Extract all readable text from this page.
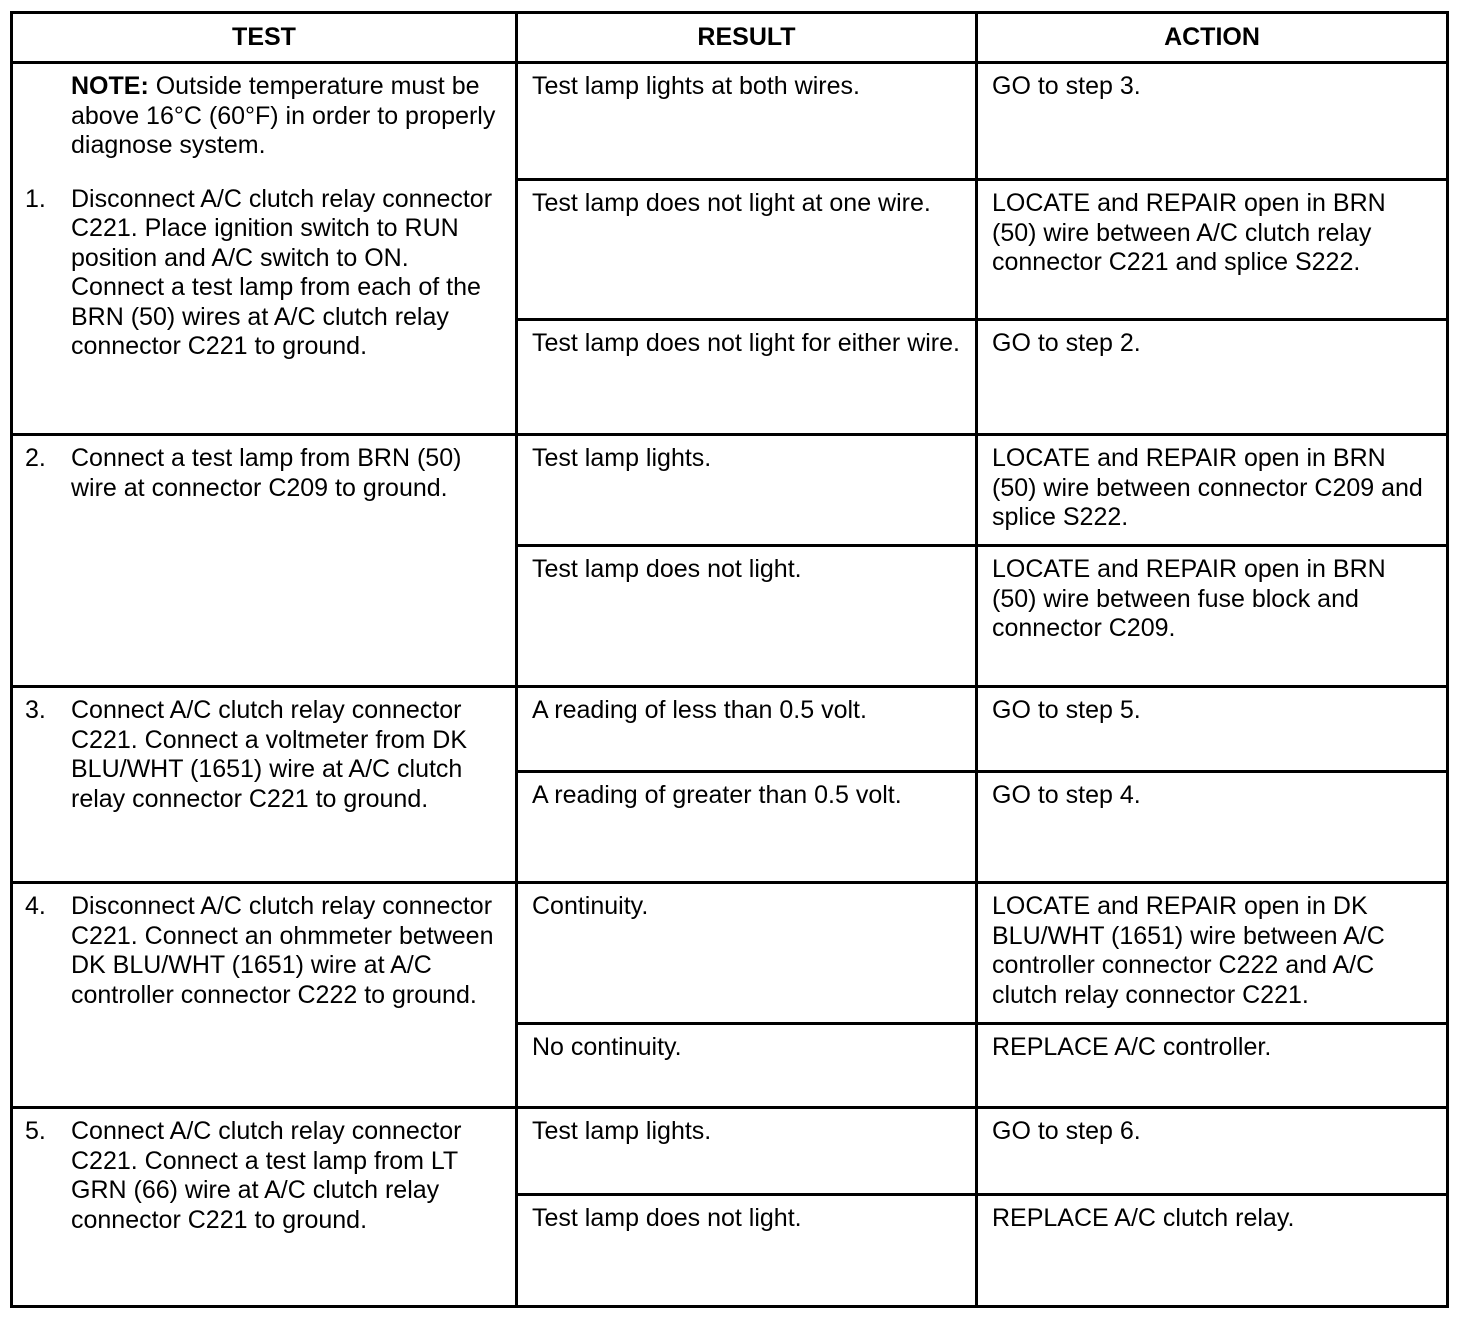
TEST	RESULT	ACTION

NOTE: Outside temperature must be above 16°C (60°F) in order to properly diagnose system.
1. Disconnect A/C clutch relay connector C221. Place ignition switch to RUN position and A/C switch to ON. Connect a test lamp from each of the BRN (50) wires at A/C clutch relay connector C221 to ground.	Test lamp lights at both wires.	GO to step 3.

	Test lamp does not light at one wire.	LOCATE and REPAIR open in BRN (50) wire between A/C clutch relay connector C221 and splice S222.

	Test lamp does not light for either wire.	GO to step 2.

2. Connect a test lamp from BRN (50) wire at connector C209 to ground.	Test lamp lights.	LOCATE and REPAIR open in BRN (50) wire between connector C209 and splice S222.

	Test lamp does not light.	LOCATE and REPAIR open in BRN (50) wire between fuse block and connector C209.

3. Connect A/C clutch relay connector C221. Connect a voltmeter from DK BLU/WHT (1651) wire at A/C clutch relay connector C221 to ground.	A reading of less than 0.5 volt.	GO to step 5.

	A reading of greater than 0.5 volt.	GO to step 4.

4. Disconnect A/C clutch relay connector C221. Connect an ohmmeter between DK BLU/WHT (1651) wire at A/C controller connector C222 to ground.	Continuity.	LOCATE and REPAIR open in DK BLU/WHT (1651) wire between A/C controller connector C222 and A/C clutch relay connector C221.

	No continuity.	REPLACE A/C controller.

5. Connect A/C clutch relay connector C221. Connect a test lamp from LT GRN (66) wire at A/C clutch relay connector C221 to ground.	Test lamp lights.	GO to step 6.

	Test lamp does not light.	REPLACE A/C clutch relay.
